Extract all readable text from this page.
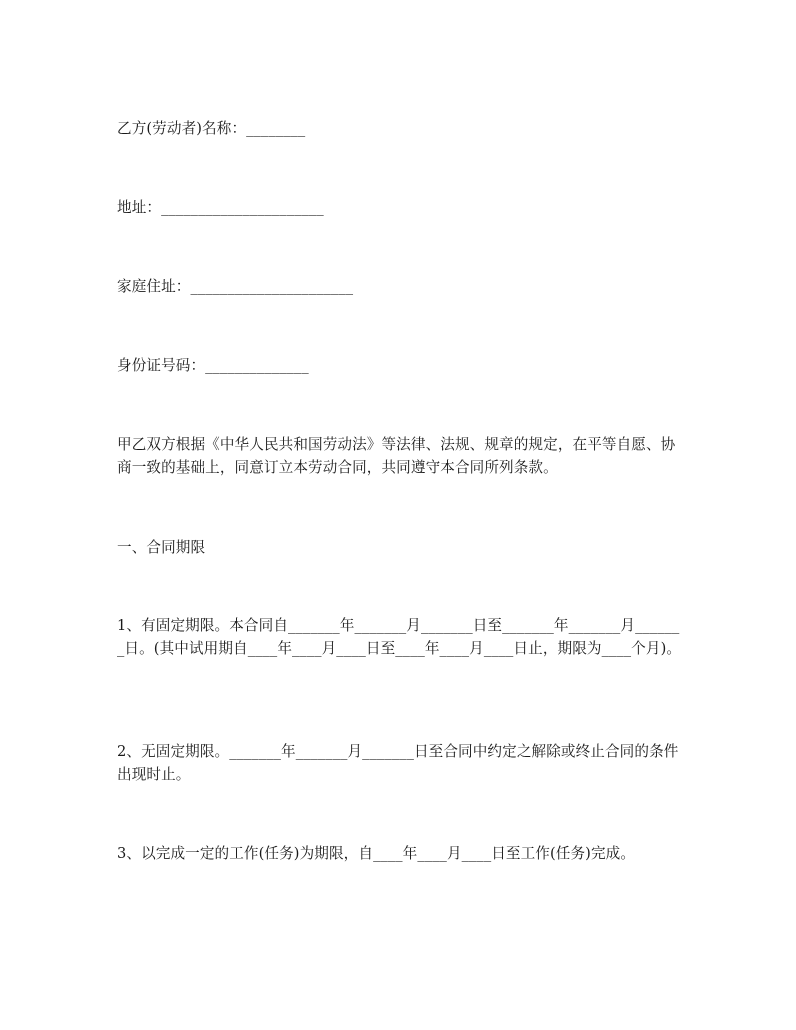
乙方(劳动者)名称：________

地址：______________________

家庭住址：______________________

身份证号码：______________

甲乙双方根据《中华人民共和国劳动法》等法律、法规、规章的规定，在平等自愿、协商一致的基础上，同意订立本劳动合同，共同遵守本合同所列条款。

一、合同期限

1、有固定期限。本合同自_______年_______月_______日至_______年_______月_______日。(其中试用期自____年____月____日至____年____月____日止，期限为____个月)。

2、无固定期限。_______年_______月_______日至合同中约定之解除或终止合同的条件出现时止。

3、以完成一定的工作(任务)为期限，自____年____月____日至工作(任务)完成。
